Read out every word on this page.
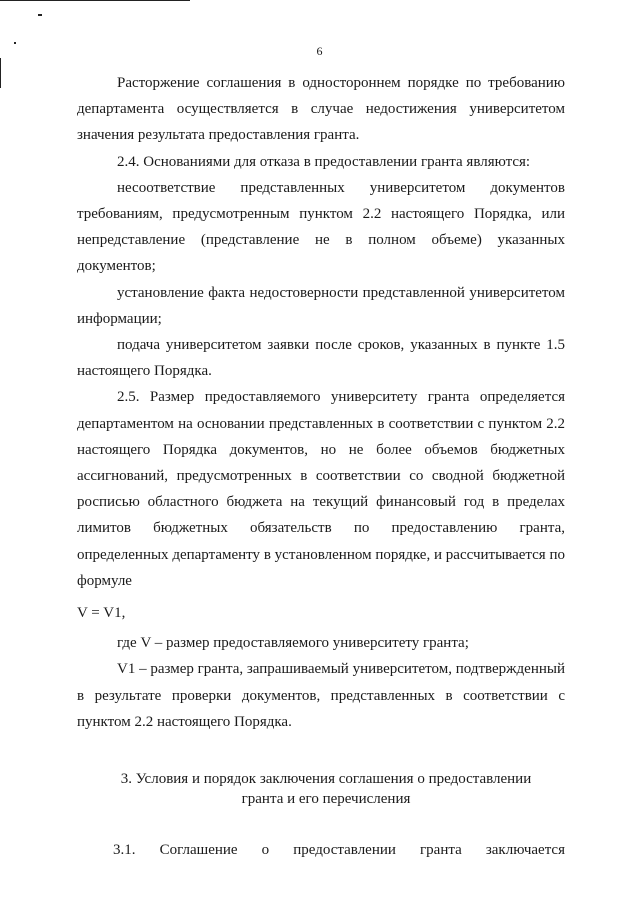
6

Расторжение соглашения в одностороннем порядке по требованию департамента осуществляется в случае недостижения университетом значения результата предоставления гранта.

2.4. Основаниями для отказа в предоставлении гранта являются:

несоответствие представленных университетом документов требованиям, предусмотренным пунктом 2.2 настоящего Порядка, или непредставление (представление не в полном объеме) указанных документов;

установление факта недостоверности представленной университетом информации;

подача университетом заявки после сроков, указанных в пункте 1.5 настоящего Порядка.

2.5. Размер предоставляемого университету гранта определяется департаментом на основании представленных в соответствии с пунктом 2.2 настоящего Порядка документов, но не более объемов бюджетных ассигнований, предусмотренных в соответствии со сводной бюджетной росписью областного бюджета на текущий финансовый год в пределах лимитов бюджетных обязательств по предоставлению гранта, определенных департаменту в установленном порядке, и рассчитывается по формуле

V = V1,

где V – размер предоставляемого университету гранта;

V1 – размер гранта, запрашиваемый университетом, подтвержденный в результате проверки документов, представленных в соответствии с пунктом 2.2 настоящего Порядка.

3. Условия и порядок заключения соглашения о предоставлении
гранта и его перечисления

3.1. Соглашение о предоставлении гранта заключается
